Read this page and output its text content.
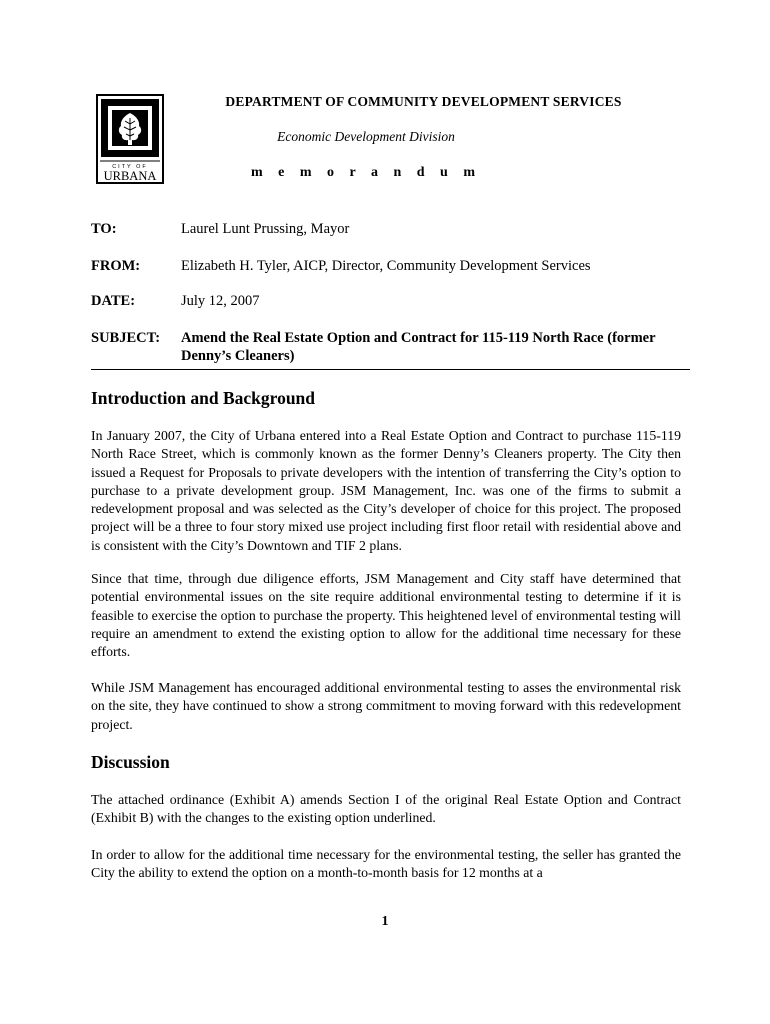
CITY OF
URBANA
DEPARTMENT OF COMMUNITY DEVELOPMENT SERVICES
Economic Development Division
m e m o r a n d u m
TO:	Laurel Lunt Prussing, Mayor
FROM:	Elizabeth H. Tyler, AICP, Director, Community Development Services
DATE:	July 12, 2007
SUBJECT:	Amend the Real Estate Option and Contract for 115-119 North Race (former Denny’s Cleaners)
Introduction and Background
In January 2007, the City of Urbana entered into a Real Estate Option and Contract to purchase 115-119 North Race Street, which is commonly known as the former Denny’s Cleaners property. The City then issued a Request for Proposals to private developers with the intention of transferring the City’s option to purchase to a private development group. JSM Management, Inc. was one of the firms to submit a redevelopment proposal and was selected as the City’s developer of choice for this project. The proposed project will be a three to four story mixed use project including first floor retail with residential above and is consistent with the City’s Downtown and TIF 2 plans.
Since that time, through due diligence efforts, JSM Management and City staff have determined that potential environmental issues on the site require additional environmental testing to determine if it is feasible to exercise the option to purchase the property. This heightened level of environmental testing will require an amendment to extend the existing option to allow for the additional time necessary for these efforts.
While JSM Management has encouraged additional environmental testing to asses the environmental risk on the site, they have continued to show a strong commitment to moving forward with this redevelopment project.
Discussion
The attached ordinance (Exhibit A) amends Section I of the original Real Estate Option and Contract (Exhibit B) with the changes to the existing option underlined.
In order to allow for the additional time necessary for the environmental testing, the seller has granted the City the ability to extend the option on a month-to-month basis for 12 months at a
1
